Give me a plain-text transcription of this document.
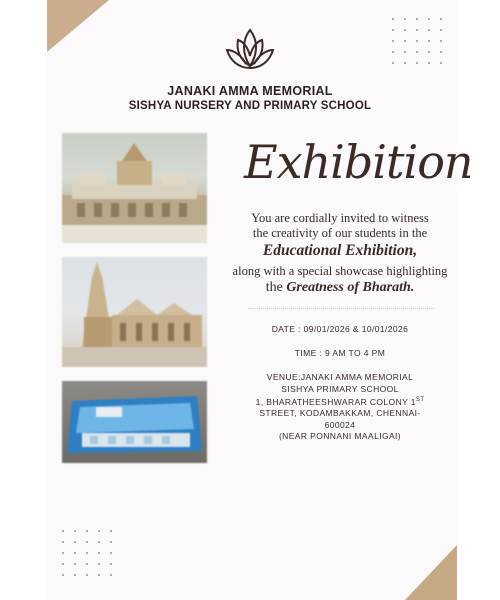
JANAKI AMMA MEMORIAL
SISHYA NURSERY AND PRIMARY SCHOOL
Exhibition
You are cordially invited to witness
the creativity of our students in the
Educational Exhibition,
along with a special showcase highlighting
the Greatness of Bharath.
DATE : 09/01/2026 & 10/01/2026
TIME : 9 AM TO 4 PM
VENUE:JANAKI AMMA MEMORIAL
SISHYA PRIMARY SCHOOL
1, BHARATHEESHWARAR COLONY 1ST
STREET, KODAMBAKKAM, CHENNAI-
600024
(NEAR PONNANI MAALIGAI)
